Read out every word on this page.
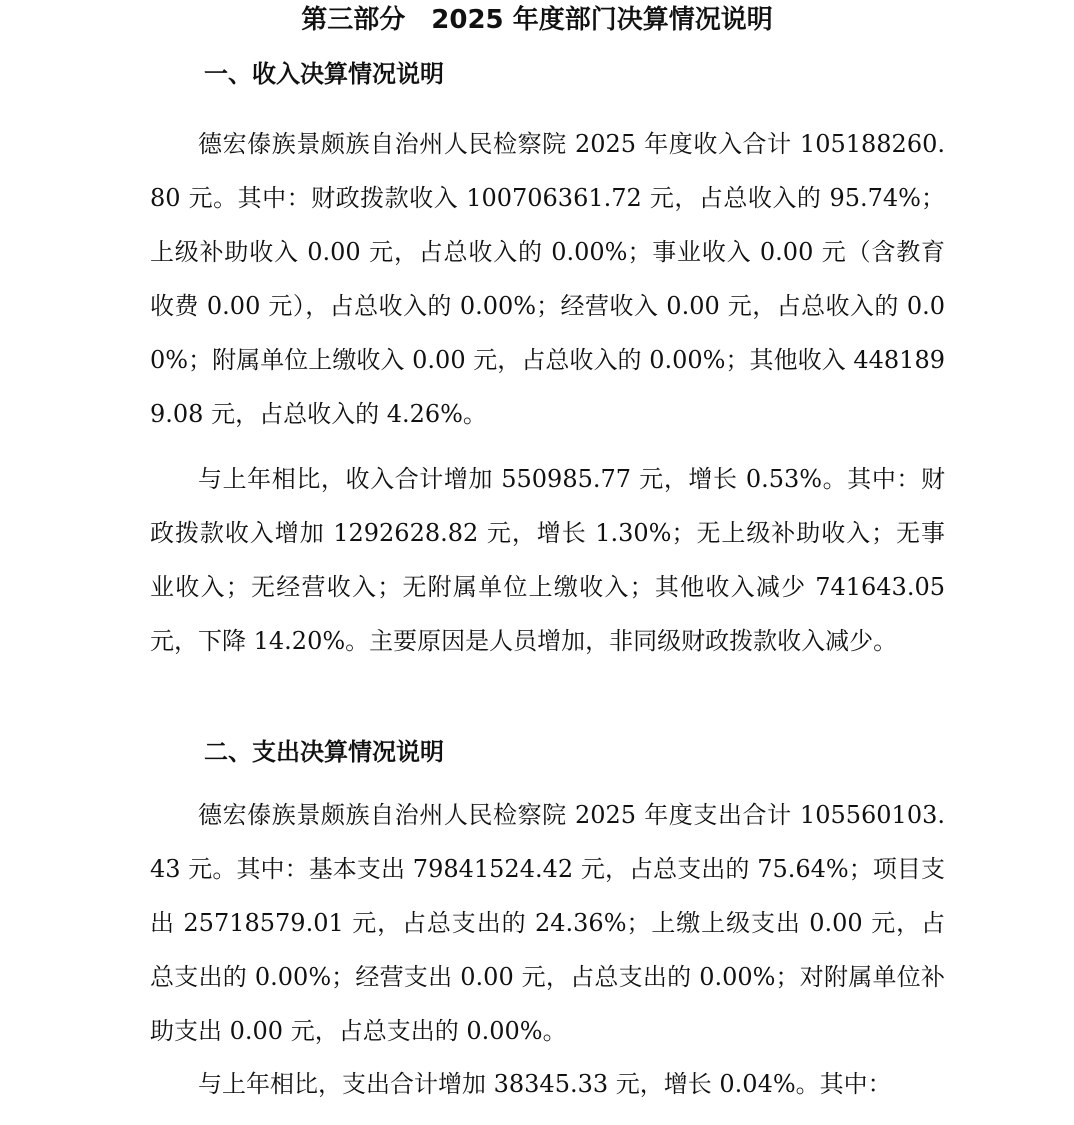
第三部分　2025 年度部门决算情况说明
一、收入决算情况说明
德宏傣族景颇族自治州人民检察院 2025 年度收入合计 105188260.80 元。其中：财政拨款收入 100706361.72 元，占总收入的 95.74%；上级补助收入 0.00 元，占总收入的 0.00%；事业收入 0.00 元（含教育收费 0.00 元），占总收入的 0.00%；经营收入 0.00 元，占总收入的 0.00%；附属单位上缴收入 0.00 元，占总收入的 0.00%；其他收入 4481899.08 元，占总收入的 4.26%。
与上年相比，收入合计增加 550985.77 元，增长 0.53%。其中：财政拨款收入增加 1292628.82 元，增长 1.30%；无上级补助收入；无事业收入；无经营收入；无附属单位上缴收入；其他收入减少 741643.05 元，下降 14.20%。主要原因是人员增加，非同级财政拨款收入减少。
二、支出决算情况说明
德宏傣族景颇族自治州人民检察院 2025 年度支出合计 105560103.43 元。其中：基本支出 79841524.42 元，占总支出的 75.64%；项目支出 25718579.01 元，占总支出的 24.36%；上缴上级支出 0.00 元，占总支出的 0.00%；经营支出 0.00 元，占总支出的 0.00%；对附属单位补助支出 0.00 元，占总支出的 0.00%。
与上年相比，支出合计增加 38345.33 元，增长 0.04%。其中：
